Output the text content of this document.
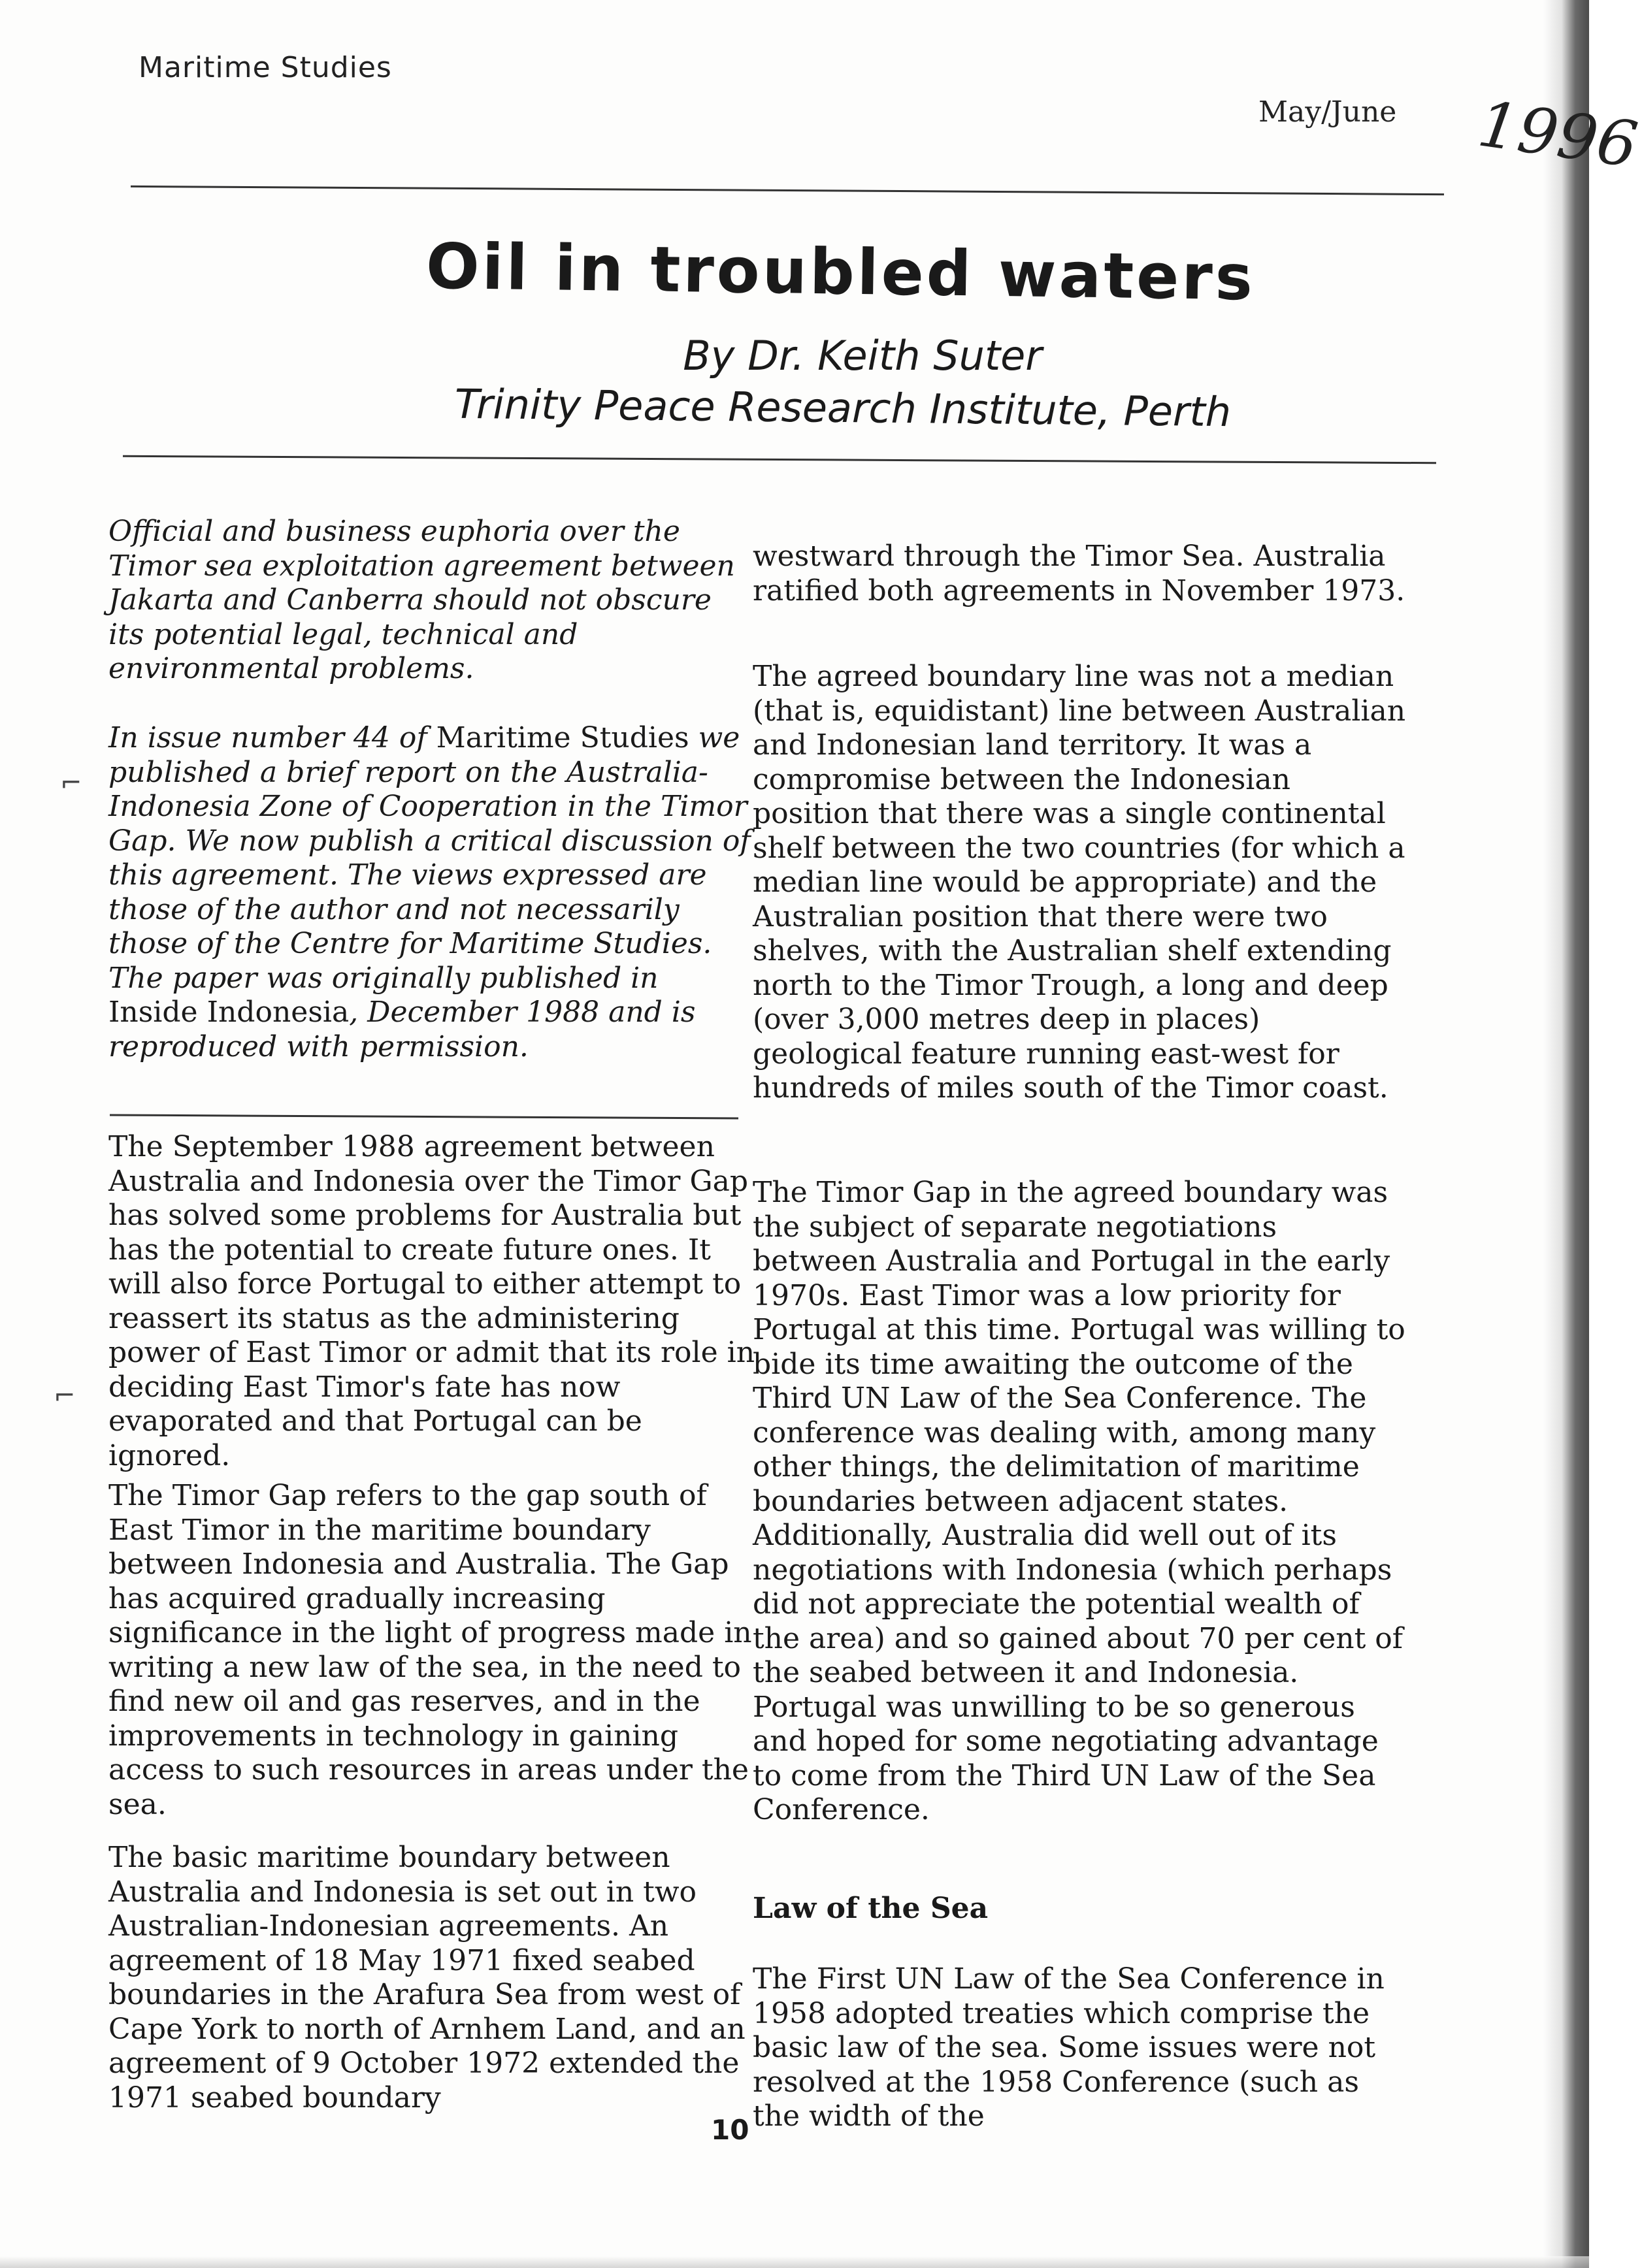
Maritime Studies
May/June 1996
Oil in troubled waters
By Dr. Keith Suter
Trinity Peace Research Institute, Perth

Official and business euphoria over the Timor sea exploitation agreement between Jakarta and Canberra should not obscure its potential legal, technical and environmental problems.

In issue number 44 of Maritime Studies we published a brief report on the Australia-Indonesia Zone of Cooperation in the Timor Gap. We now publish a critical discussion of this agreement. The views expressed are those of the author and not necessarily those of the Centre for Maritime Studies. The paper was originally published in Inside Indonesia, December 1988 and is reproduced with permission.

The September 1988 agreement between Australia and Indonesia over the Timor Gap has solved some problems for Australia but has the potential to create future ones. It will also force Portugal to either attempt to reassert its status as the administering power of East Timor or admit that its role in deciding East Timor's fate has now evaporated and that Portugal can be ignored.

The Timor Gap refers to the gap south of East Timor in the maritime boundary between Indonesia and Australia. The Gap has acquired gradually increasing significance in the light of progress made in writing a new law of the sea, in the need to find new oil and gas reserves, and in the improvements in technology in gaining access to such resources in areas under the sea.

The basic maritime boundary between Australia and Indonesia is set out in two Australian-Indonesian agreements. An agreement of 18 May 1971 fixed seabed boundaries in the Arafura Sea from west of Cape York to north of Arnhem Land, and an agreement of 9 October 1972 extended the 1971 seabed boundary

westward through the Timor Sea. Australia ratified both agreements in November 1973.

The agreed boundary line was not a median (that is, equidistant) line between Australian and Indonesian land territory. It was a compromise between the Indonesian position that there was a single continental shelf between the two countries (for which a median line would be appropriate) and the Australian position that there were two shelves, with the Australian shelf extending north to the Timor Trough, a long and deep (over 3,000 metres deep in places) geological feature running east-west for hundreds of miles south of the Timor coast.

The Timor Gap in the agreed boundary was the subject of separate negotiations between Australia and Portugal in the early 1970s. East Timor was a low priority for Portugal at this time. Portugal was willing to bide its time awaiting the outcome of the Third UN Law of the Sea Conference. The conference was dealing with, among many other things, the delimitation of maritime boundaries between adjacent states. Additionally, Australia did well out of its negotiations with Indonesia (which perhaps did not appreciate the potential wealth of the area) and so gained about 70 per cent of the seabed between it and Indonesia. Portugal was unwilling to be so generous and hoped for some negotiating advantage to come from the Third UN Law of the Sea Conference.

Law of the Sea

The First UN Law of the Sea Conference in 1958 adopted treaties which comprise the basic law of the sea. Some issues were not resolved at the 1958 Conference (such as the width of the

10
⌐
⌐
